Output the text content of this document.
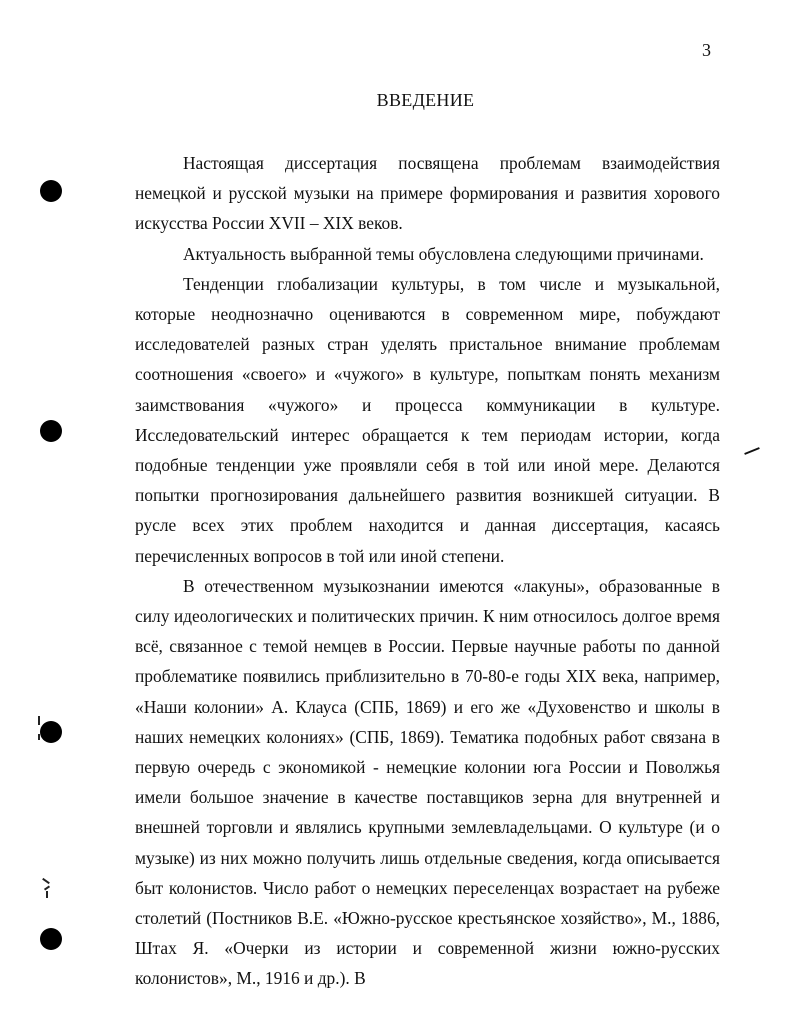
3
ВВЕДЕНИЕ

Настоящая диссертация посвящена проблемам взаимодействия немецкой и русской музыки на примере формирования и развития хорового искусства России XVII – XIX веков.

Актуальность выбранной темы обусловлена следующими причинами.

Тенденции глобализации культуры, в том числе и музыкальной, которые неоднозначно оцениваются в современном мире, побуждают исследователей разных стран уделять пристальное внимание проблемам соотношения «своего» и «чужого» в культуре, попыткам понять механизм заимствования «чужого» и процесса коммуникации в культуре. Исследовательский интерес обращается к тем периодам истории, когда подобные тенденции уже проявляли себя в той или иной мере. Делаются попытки прогнозирования дальнейшего развития возникшей ситуации. В русле всех этих проблем находится и данная диссертация, касаясь перечисленных вопросов в той или иной степени.

В отечественном музыкознании имеются «лакуны», образованные в силу идеологических и политических причин. К ним относилось долгое время всё, связанное с темой немцев в России. Первые научные работы по данной проблематике появились приблизительно в 70-80-е годы XIX века, например, «Наши колонии» А. Клауса (СПБ, 1869) и его же «Духовенство и школы в наших немецких колониях» (СПБ, 1869). Тематика подобных работ связана в первую очередь с экономикой - немецкие колонии юга России и Поволжья имели большое значение в качестве поставщиков зерна для внутренней и внешней торговли и являлись крупными землевладельцами. О культуре (и о музыке) из них можно получить лишь отдельные сведения, когда описывается быт колонистов. Число работ о немецких переселенцах возрастает на рубеже столетий (Постников В.Е. «Южно-русское крестьянское хозяйство», М., 1886, Штах Я. «Очерки из истории и современной жизни южно-русских колонистов», М., 1916 и др.). В
